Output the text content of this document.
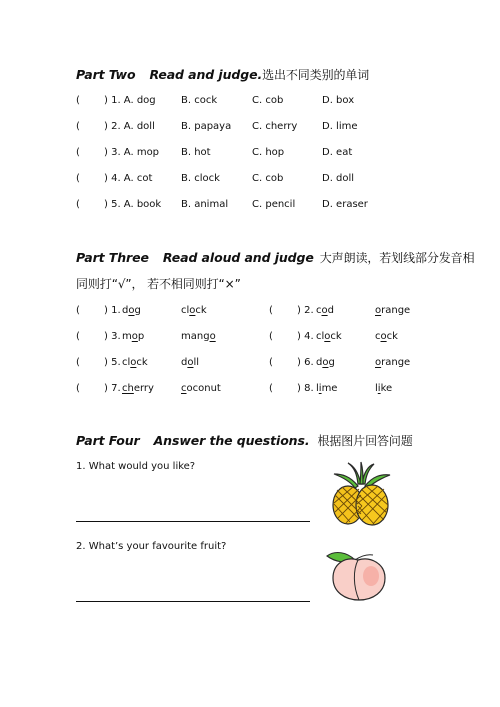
Part Two Read and judge.选出不同类别的单词
( ) 1. A. dog	B. cock	C. cob	D. box
( ) 2. A. doll	B. papaya C. cherry D. lime
( ) 3. A. mop B. hot	C. hop	D. eat
( ) 4. A. cot	B. clock	C. cob	D. doll
( ) 5. A. book B. animal C. pencil	D. eraser
Part Three Read aloud and judge 大声朗读，若划线部分发音相
同则打“√”， 若不相同则打“×”
( ) 1. dog	clock	( ) 2. cod	orange
( ) 3. mop	mango	( ) 4. clock	cock
( ) 5. clock	doll	( ) 6. dog	orange
( ) 7. cherry	coconut	( ) 8. lime	like
Part Four Answer the questions. 根据图片回答问题
1. What would you like?
2. What’s your favourite fruit?
